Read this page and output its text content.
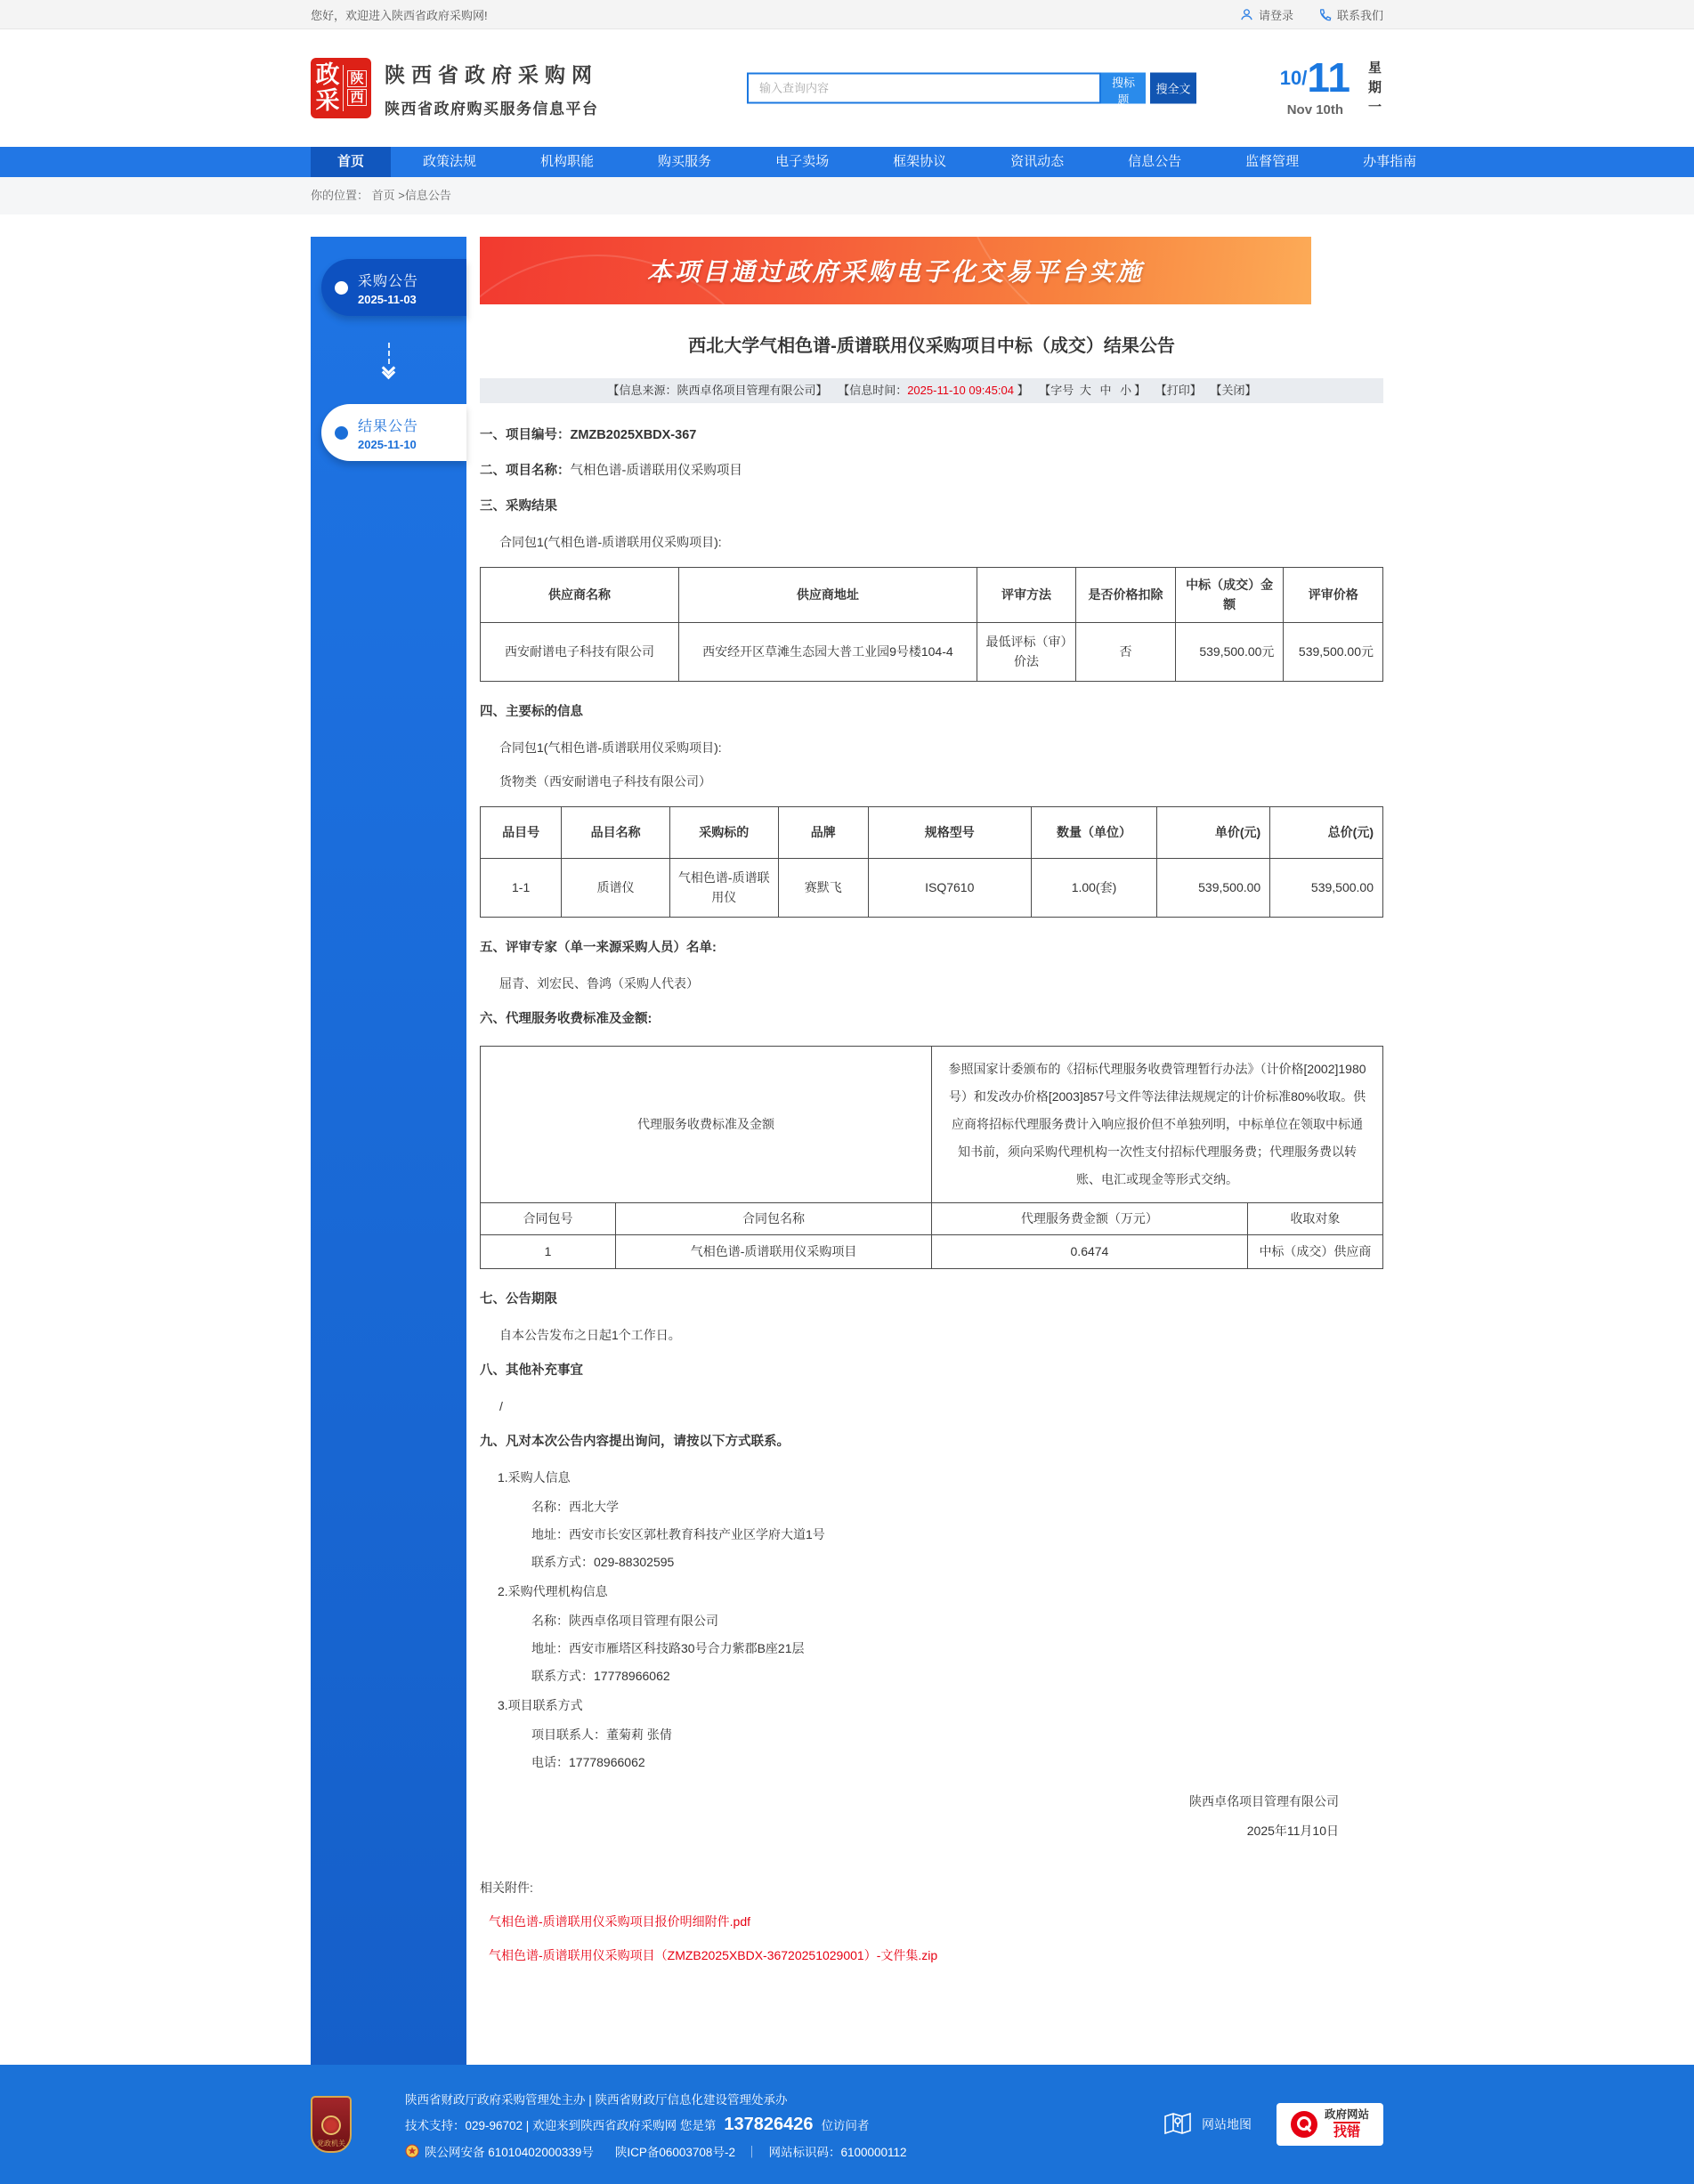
您好，欢迎进入陕西省政府采购网!	请登录	联系我们
政
采
陕
西
陕西省政府采购网

陕西省政府购买服务信息平台

输入查询内容
搜标题
搜全文	10/11
Nov 10th	星期一
首页	政策法规	机构职能	购买服务	电子卖场	框架协议	资讯动态	信息公告	监督管理	办事指南
你的位置： 首页 >信息公告
采购公告
2025-11-03
结果公告
2025-11-10
本项目通过政府采购电子化交易平台实施
西北大学气相色谱-质谱联用仪采购项目中标（成交）结果公告
【信息来源：陕西卓佲项目管理有限公司】 【信息时间：2025-11-10 09:45:04 】 【字号 大 中 小 】 【打印】 【关闭】
一、项目编号：ZMZB2025XBDX-367
二、项目名称：气相色谱-质谱联用仪采购项目
三、采购结果
合同包1(气相色谱-质谱联用仪采购项目):
供应商名称	供应商地址	评审方法	是否价格扣除	中标（成交）金额	评审价格
西安耐谱电子科技有限公司	西安经开区草滩生态园大普工业园9号楼104-4	最低评标（审）价法	否	539,500.00元	539,500.00元
四、主要标的信息
合同包1(气相色谱-质谱联用仪采购项目):
货物类（西安耐谱电子科技有限公司）
品目号	品目名称	采购标的	品牌	规格型号	数量（单位）	单价(元)	总价(元)
1-1	质谱仪	气相色谱-质谱联用仪	赛默飞	ISQ7610	1.00(套)	539,500.00	539,500.00
五、评审专家（单一来源采购人员）名单:
屈青、刘宏民、鲁鸿（采购人代表）
六、代理服务收费标准及金额:
代理服务收费标准及金额		参照国家计委颁布的《招标代理服务收费管理暂行办法》（计价格[2002]1980号）和发改办价格[2003]857号文件等法律法规规定的计价标准80%收取。供应商将招标代理服务费计入响应报价但不单独列明，中标单位在领取中标通知书前，须向采购代理机构一次性支付招标代理服务费；代理服务费以转账、电汇或现金等形式交纳。	
合同包号	合同包名称	代理服务费金额（万元）	收取对象
1	气相色谱-质谱联用仪采购项目	0.6474	中标（成交）供应商
七、公告期限
自本公告发布之日起1个工作日。
八、其他补充事宜
/
九、凡对本次公告内容提出询问，请按以下方式联系。
1.采购人信息
名称：西北大学
地址：西安市长安区郭杜教育科技产业区学府大道1号
联系方式：029-88302595
2.采购代理机构信息
名称：陕西卓佲项目管理有限公司
地址：西安市雁塔区科技路30号合力紫郡B座21层
联系方式：17778966062
3.项目联系方式
项目联系人：董菊莉 张倩
电话：17778966062
陕西卓佲项目管理有限公司
2025年11月10日
相关附件:
气相色谱-质谱联用仪采购项目报价明细附件.pdf
气相色谱-质谱联用仪采购项目（ZMZB2025XBDX-36720251029001）-文件集.zip
党政机关
陕西省财政厅政府采购管理处主办 | 陕西省财政厅信息化建设管理处承办
技术支持：029-96702 | 欢迎来到陕西省政府采购网 您是第 137826426 位访问者
陕公网安备 61010402000339号 陕ICP备06003708号-2 ｜ 网站标识码：6100000112
网站地图
政府网站
找错
